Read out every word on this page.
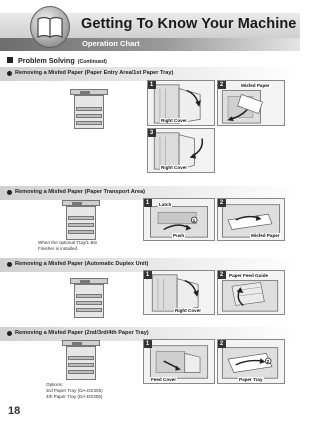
Getting To Know Your Machine
Operation Chart
Problem Solving (Continued)
Removing a Misfed Paper (Paper Entry Area/1st Paper Tray)
1
Right Cover
2	Misfed Paper
3
Right Cover
Removing a Misfed Paper (Paper Transport Area)
When the optional Tray/1-Bin
Finisher is installed.
1
1
Latch
Push
2
Misfed Paper
Removing a Misfed Paper (Automatic Duplex Unit)
1
Right Cover
2	Paper Feed Guide
Removing a Misfed Paper (2nd/3rd/4th Paper Tray)
Options:
3rd Paper Tray (DA-DS305)
4th Paper Tray (DA-DS306)
1
Feed Cover
2
2
Paper Tray
18
